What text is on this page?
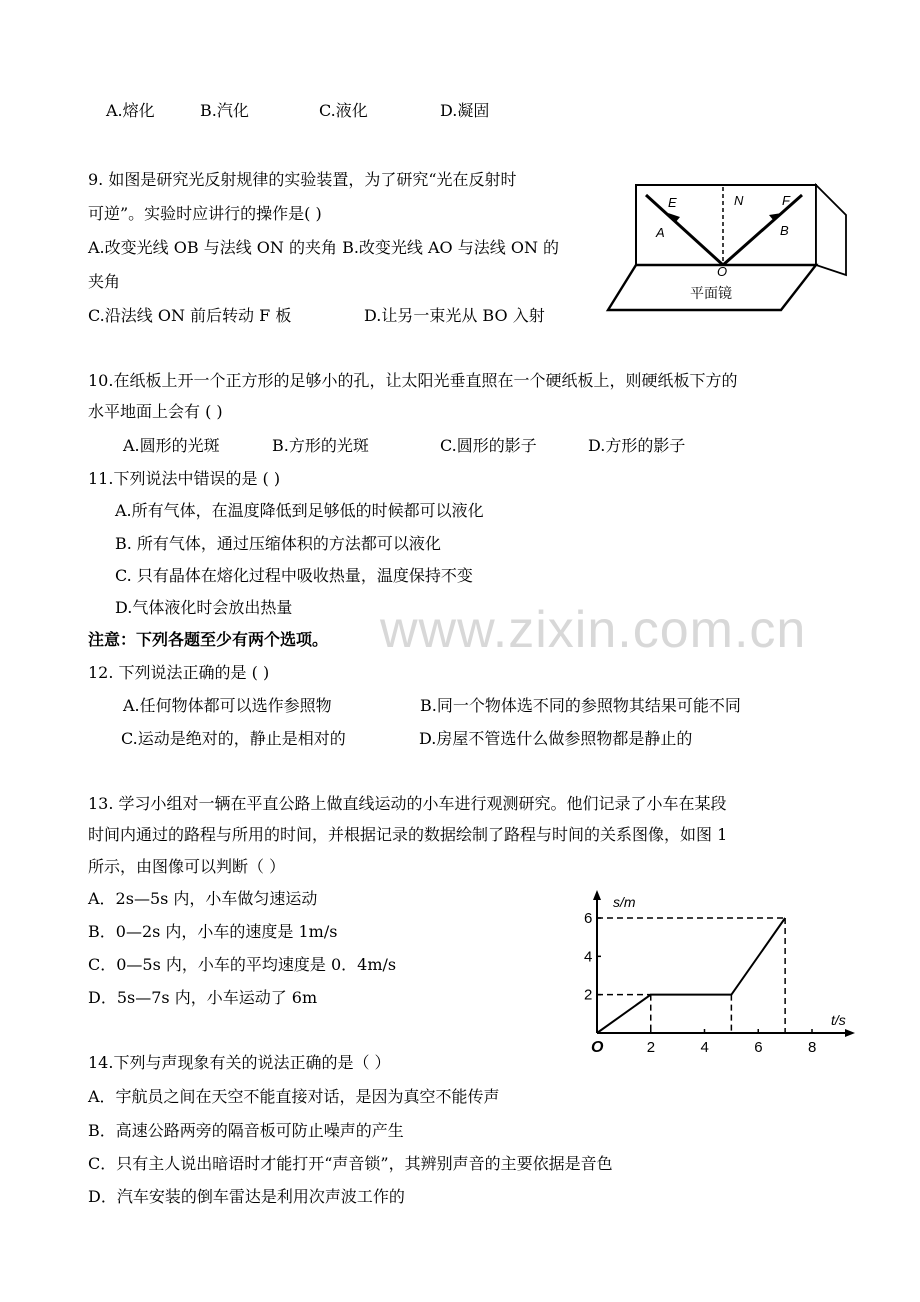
www.zixin.com.cn
A.熔化	B.汽化	C.液化	D.凝固
9. 如图是研究光反射规律的实验装置，为了研究“光在反射时
可逆”。实验时应讲行的操作是( )
A.改变光线 OB 与法线 ON 的夹角 B.改变光线 AO 与法线 ON 的
夹角
C.沿法线 ON 前后转动 F 板	D.让另一束光从 BO 入射
E	N	F
A	B
O
平面镜
10.在纸板上开一个正方形的足够小的孔，让太阳光垂直照在一个硬纸板上，则硬纸板下方的
水平地面上会有 ( )
A.圆形的光斑	B.方形的光斑	C.圆形的影子	D.方形的影子
11.下列说法中错误的是 ( )
A.所有气体，在温度降低到足够低的时候都可以液化
B. 所有气体，通过压缩体积的方法都可以液化
C. 只有晶体在熔化过程中吸收热量，温度保持不变
D.气体液化时会放出热量
注意：下列各题至少有两个选项。
12. 下列说法正确的是 ( )
A.任何物体都可以选作参照物	B.同一个物体选不同的参照物其结果可能不同
C.运动是绝对的，静止是相对的	D.房屋不管选什么做参照物都是静止的
13. 学习小组对一辆在平直公路上做直线运动的小车进行观测研究。他们记录了小车在某段
时间内通过的路程与所用的时间，并根据记录的数据绘制了路程与时间的关系图像，如图 1
所示，由图像可以判断（ ）
A．2s—5s 内，小车做匀速运动
B．0—2s 内，小车的速度是 1m/s
C．0—5s 内，小车的平均速度是 0．4m/s
D．5s—7s 内，小车运动了 6m
t/s
s/m
O	2	4	6	8
2
4
6
14.下列与声现象有关的说法正确的是（ ）
A．宇航员之间在天空不能直接对话，是因为真空不能传声
B．高速公路两旁的隔音板可防止噪声的产生
C．只有主人说出暗语时才能打开“声音锁”，其辨别声音的主要依据是音色
D．汽车安装的倒车雷达是利用次声波工作的
